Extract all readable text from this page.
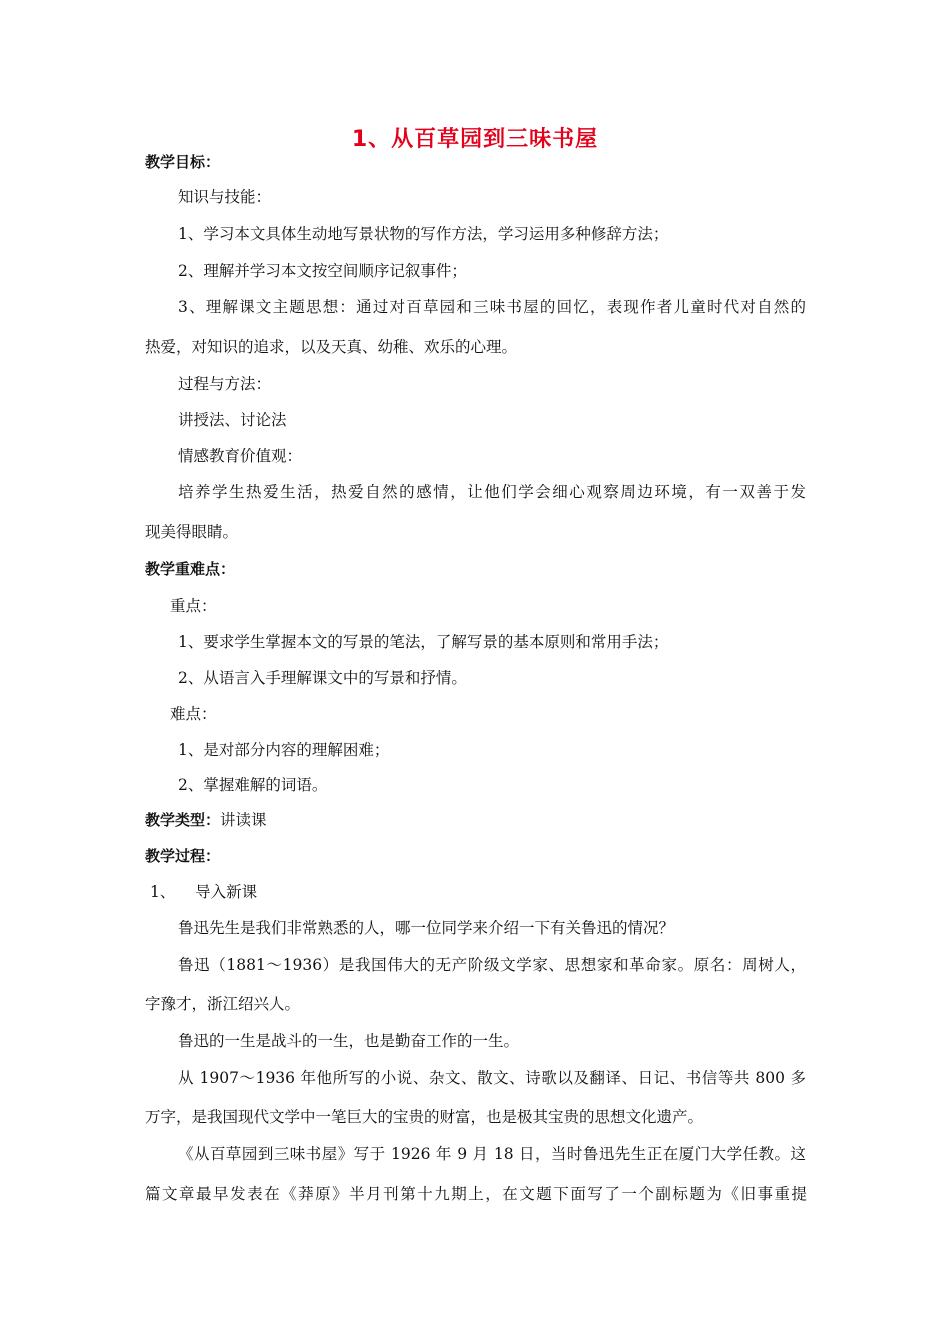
1、从百草园到三味书屋
教学目标：
知识与技能：
1、学习本文具体生动地写景状物的写作方法，学习运用多种修辞方法；
2、理解并学习本文按空间顺序记叙事件；
3、理解课文主题思想：通过对百草园和三味书屋的回忆，表现作者儿童时代对自然的
热爱，对知识的追求，以及天真、幼稚、欢乐的心理。
过程与方法：
讲授法、讨论法
情感教育价值观：
培养学生热爱生活，热爱自然的感情，让他们学会细心观察周边环境，有一双善于发
现美得眼睛。
教学重难点：
重点：
1、要求学生掌握本文的写景的笔法，了解写景的基本原则和常用手法；
2、从语言入手理解课文中的写景和抒情。
难点：
1、是对部分内容的理解困难；
2、掌握难解的词语。
教学类型：讲读课
教学过程：
1、    导入新课
鲁迅先生是我们非常熟悉的人，哪一位同学来介绍一下有关鲁迅的情况？
鲁迅（1881～1936）是我国伟大的无产阶级文学家、思想家和革命家。原名：周树人，
字豫才，浙江绍兴人。
鲁迅的一生是战斗的一生，也是勤奋工作的一生。
从 1907～1936 年他所写的小说、杂文、散文、诗歌以及翻译、日记、书信等共 800 多
万字，是我国现代文学中一笔巨大的宝贵的财富，也是极其宝贵的思想文化遗产。
《从百草园到三味书屋》写于 1926 年 9 月 18 日，当时鲁迅先生正在厦门大学任教。这
篇文章最早发表在《莽原》半月刊第十九期上，在文题下面写了一个副标题为《旧事重提
